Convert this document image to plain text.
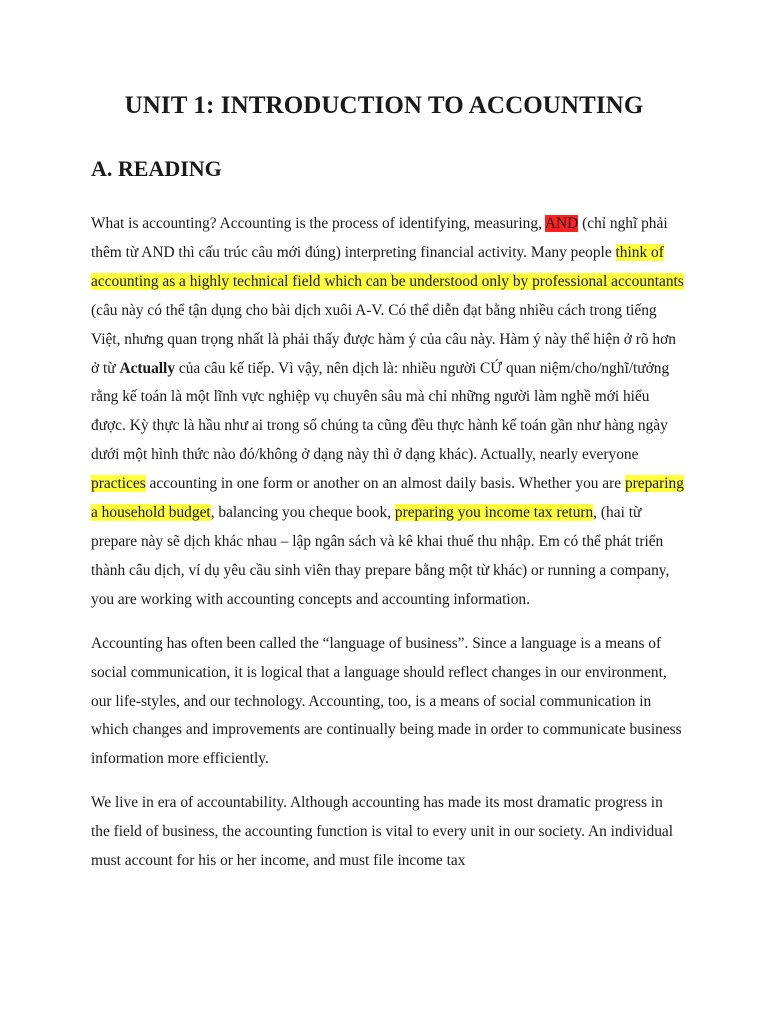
UNIT 1: INTRODUCTION TO ACCOUNTING
A. READING

What is accounting? Accounting is the process of identifying, measuring, AND (chỉ nghĩ phải thêm từ AND thì cấu trúc câu mới đúng) interpreting financial activity. Many people think of accounting as a highly technical field which can be understood only by professional accountants (câu này có thể tận dụng cho bài dịch xuôi A-V. Có thể diễn đạt bằng nhiều cách trong tiếng Việt, nhưng quan trọng nhất là phải thấy được hàm ý của câu này. Hàm ý này thể hiện ở rõ hơn ở từ Actually của câu kế tiếp. Vì vậy, nên dịch là: nhiều người CỨ quan niệm/cho/nghĩ/tưởng rằng kế toán là một lĩnh vực nghiệp vụ chuyên sâu mà chỉ những người làm nghề mới hiểu được. Kỳ thực là hầu như ai trong số chúng ta cũng đều thực hành kế toán gần như hàng ngày dưới một hình thức nào đó/không ở dạng này thì ở dạng khác). Actually, nearly everyone practices accounting in one form or another on an almost daily basis. Whether you are preparing a household budget, balancing you cheque book, preparing you income tax return, (hai từ prepare này sẽ dịch khác nhau – lập ngân sách và kê khai thuế thu nhập. Em có thể phát triển thành câu dịch, ví dụ yêu cầu sinh viên thay prepare bằng một từ khác) or running a company, you are working with accounting concepts and accounting information.

Accounting has often been called the “language of business”. Since a language is a means of social communication, it is logical that a language should reflect changes in our environment, our life-styles, and our technology. Accounting, too, is a means of social communication in which changes and improvements are continually being made in order to communicate business information more efficiently.

We live in era of accountability. Although accounting has made its most dramatic progress in the field of business, the accounting function is vital to every unit in our society. An individual must account for his or her income, and must file income tax
